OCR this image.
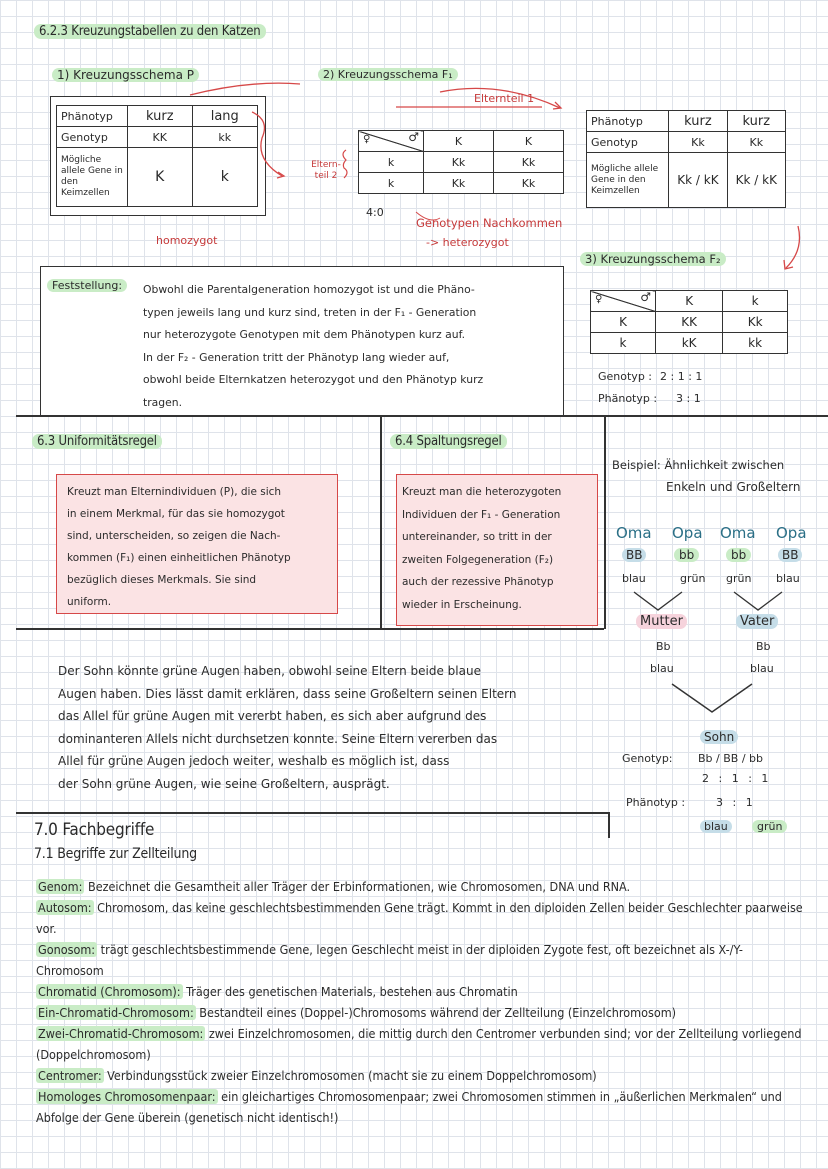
6.2.3 Kreuzungstabellen zu den Katzen
1) Kreuzungsschema P
Phänotyp	kurz	lang
Genotyp	KK	kk
Mögliche allele Gene in den Keimzellen	K	k
homozygot
2) Kreuzungsschema F₁
Elternteil 1
Eltern-teil 2
♀ ♂	K	K
k	Kk	Kk
k	Kk	Kk
4:0
Genotypen Nachkommen
-> heterozygot
Phänotyp	kurz	kurz
Genotyp	Kk	Kk
Mögliche allele Gene in den Keimzellen	Kk / kK	Kk / kK
3) Kreuzungsschema F₂
♀ ♂	K	k
K	KK	Kk
k	kK	kk
Genotyp : 2 : 1 : 1
Phänotyp : 3 : 1
Feststellung:	Obwohl die Parentalgeneration homozygot ist und die Phäno-
typen jeweils lang und kurz sind, treten in der F₁ - Generation
nur heterozygote Genotypen mit dem Phänotypen kurz auf.
In der F₂ - Generation tritt der Phänotyp lang wieder auf,
obwohl beide Elternkatzen heterozygot und den Phänotyp kurz
tragen.
6.3 Uniformitätsregel
Kreuzt man Elternindividuen (P), die sich
in einem Merkmal, für das sie homozygot
sind, unterscheiden, so zeigen die Nach-
kommen (F₁) einen einheitlichen Phänotyp
bezüglich dieses Merkmals. Sie sind
uniform.
6.4 Spaltungsregel
Kreuzt man die heterozygoten
Individuen der F₁ - Generation
untereinander, so tritt in der
zweiten Folgegeneration (F₂)
auch der rezessive Phänotyp
wieder in Erscheinung.
Beispiel: Ähnlichkeit zwischen
Enkeln und Großeltern
Oma Opa Oma Opa
BB	bb	bb	BB
blau	grün grün blau
Mutter	Vater
Bb	Bb
blau	blau
Sohn
Genotyp: Bb / BB / bb
2 : 1 : 1
Phänotyp :	3 : 1
blau	grün
Der Sohn könnte grüne Augen haben, obwohl seine Eltern beide blaue
Augen haben. Dies lässt damit erklären, dass seine Großeltern seinen Eltern
das Allel für grüne Augen mit vererbt haben, es sich aber aufgrund des
dominanteren Allels nicht durchsetzen konnte. Seine Eltern vererben das
Allel für grüne Augen jedoch weiter, weshalb es möglich ist, dass
der Sohn grüne Augen, wie seine Großeltern, ausprägt.
7.0 Fachbegriffe
7.1 Begriffe zur Zellteilung
Genom: Bezeichnet die Gesamtheit aller Träger der Erbinformationen, wie Chromosomen, DNA und RNA.
Autosom: Chromosom, das keine geschlechtsbestimmenden Gene trägt. Kommt in den diploiden Zellen beider Geschlechter paarweise vor.
Gonosom: trägt geschlechtsbestimmende Gene, legen Geschlecht meist in der diploiden Zygote fest, oft bezeichnet als X-/Y-Chromosom
Chromatid (Chromosom): Träger des genetischen Materials, bestehen aus Chromatin
Ein-Chromatid-Chromosom: Bestandteil eines (Doppel-)Chromosoms während der Zellteilung (Einzelchromosom)
Zwei-Chromatid-Chromosom: zwei Einzelchromosomen, die mittig durch den Centromer verbunden sind; vor der Zellteilung vorliegend (Doppelchromosom)
Centromer: Verbindungsstück zweier Einzelchromosomen (macht sie zu einem Doppelchromosom)
Homologes Chromosomenpaar: ein gleichartiges Chromosomenpaar; zwei Chromosomen stimmen in „äußerlichen Merkmalen“ und Abfolge der Gene überein (genetisch nicht identisch!)
